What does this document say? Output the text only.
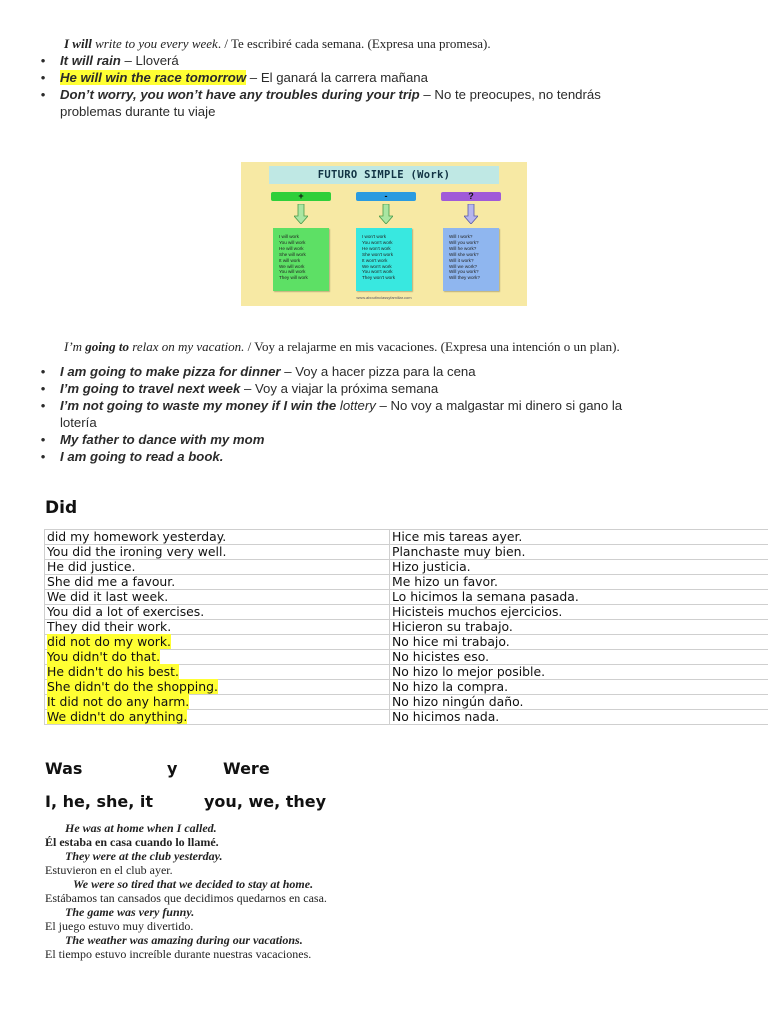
I will write to you every week. / Te escribiré cada semana. (Expresa una promesa).
•	It will rain – Lloverá
•	He will win the race tomorrow – El ganará la carrera mañana
•	Don’t worry, you won’t have any troubles during your trip – No te preocupes, no tendrás
problemas durante tu viaje
FUTURO SIMPLE (Work)
+	-	?
I will work
You will work
He will work
She will work
It will work
We will work
You will work
They will work
I won't work
You won't work
He won't work
She won't work
It won't work
We won't work
You won't work
They won't work
Will I work?
Will you work?
Will he work?
Will she work?
Will it work?
Will we work?
Will you work?
Will they work?
www.aboutinclassyfamiliar.com
I’m going to relax on my vacation. / Voy a relajarme en mis vacaciones. (Expresa una intención o un plan).
•	I am going to make pizza for dinner – Voy a hacer pizza para la cena
•	I’m going to travel next week – Voy a viajar la próxima semana
•	I’m not going to waste my money if I win the lottery – No voy a malgastar mi dinero si gano la
lotería
•	My father to dance with my mom
•	I am going to read a book.
Did
did my homework yesterday.	Hice mis tareas ayer.
You did the ironing very well.	Planchaste muy bien.
He did justice.	Hizo justicia.
She did me a favour.	Me hizo un favor.
We did it last week.	Lo hicimos la semana pasada.
You did a lot of exercises.	Hicisteis muchos ejercicios.
They did their work.	Hicieron su trabajo.
did not do my work.	No hice mi trabajo.
You didn't do that.	No hicistes eso.
He didn't do his best.	No hizo lo mejor posible.
She didn't do the shopping.	No hizo la compra.
It did not do any harm.	No hizo ningún daño.
We didn't do anything.	No hicimos nada.
Was	y	Were
I, he, she, it	you, we, they
He was at home when I called.
Él estaba en casa cuando lo llamé.
They were at the club yesterday.
Estuvieron en el club ayer.
We were so tired that we decided to stay at home.
Estábamos tan cansados que decidimos quedarnos en casa.
The game was very funny.
El juego estuvo muy divertido.
The weather was amazing during our vacations.
El tiempo estuvo increíble durante nuestras vacaciones.
